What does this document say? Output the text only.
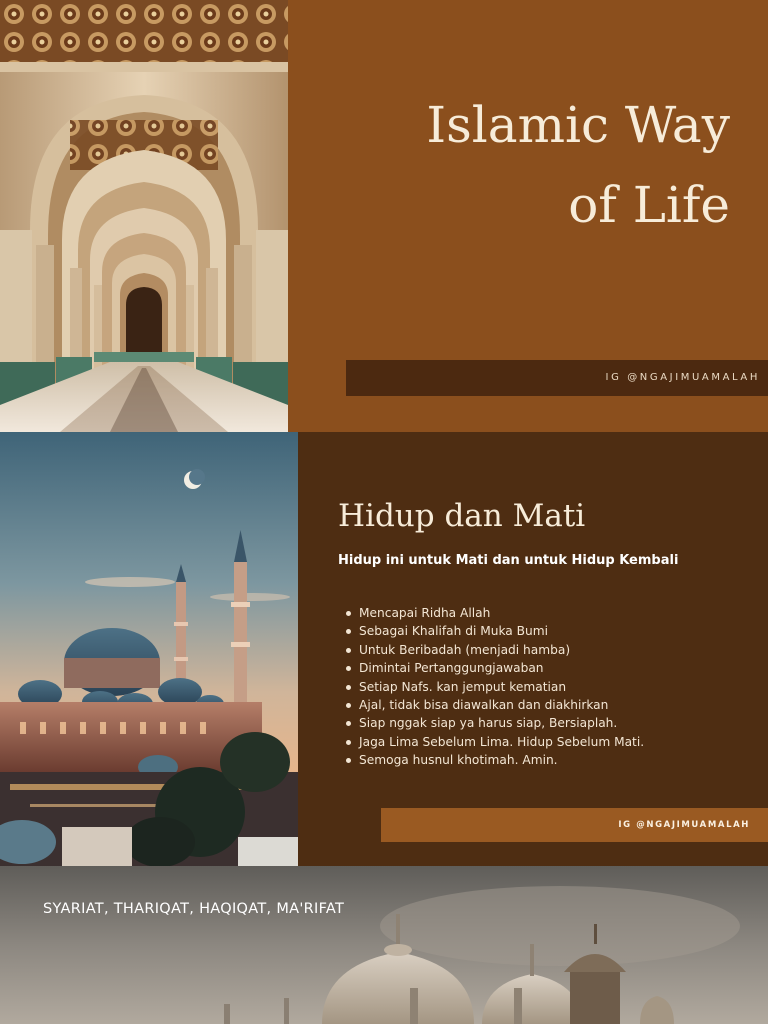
Islamic Way
of Life
IG @NGAJIMUAMALAH
Hidup dan Mati
Hidup ini untuk Mati dan untuk Hidup Kembali
Mencapai Ridha Allah
Sebagai Khalifah di Muka Bumi
Untuk Beribadah (menjadi hamba)
Dimintai Pertanggungjawaban
Setiap Nafs. kan jemput kematian
Ajal, tidak bisa diawalkan dan diakhirkan
Siap nggak siap ya harus siap, Bersiaplah.
Jaga Lima Sebelum Lima. Hidup Sebelum Mati.
Semoga husnul khotimah. Amin.
IG @NGAJIMUAMALAH
SYARIAT, THARIQAT, HAQIQAT, MA'RIFAT
